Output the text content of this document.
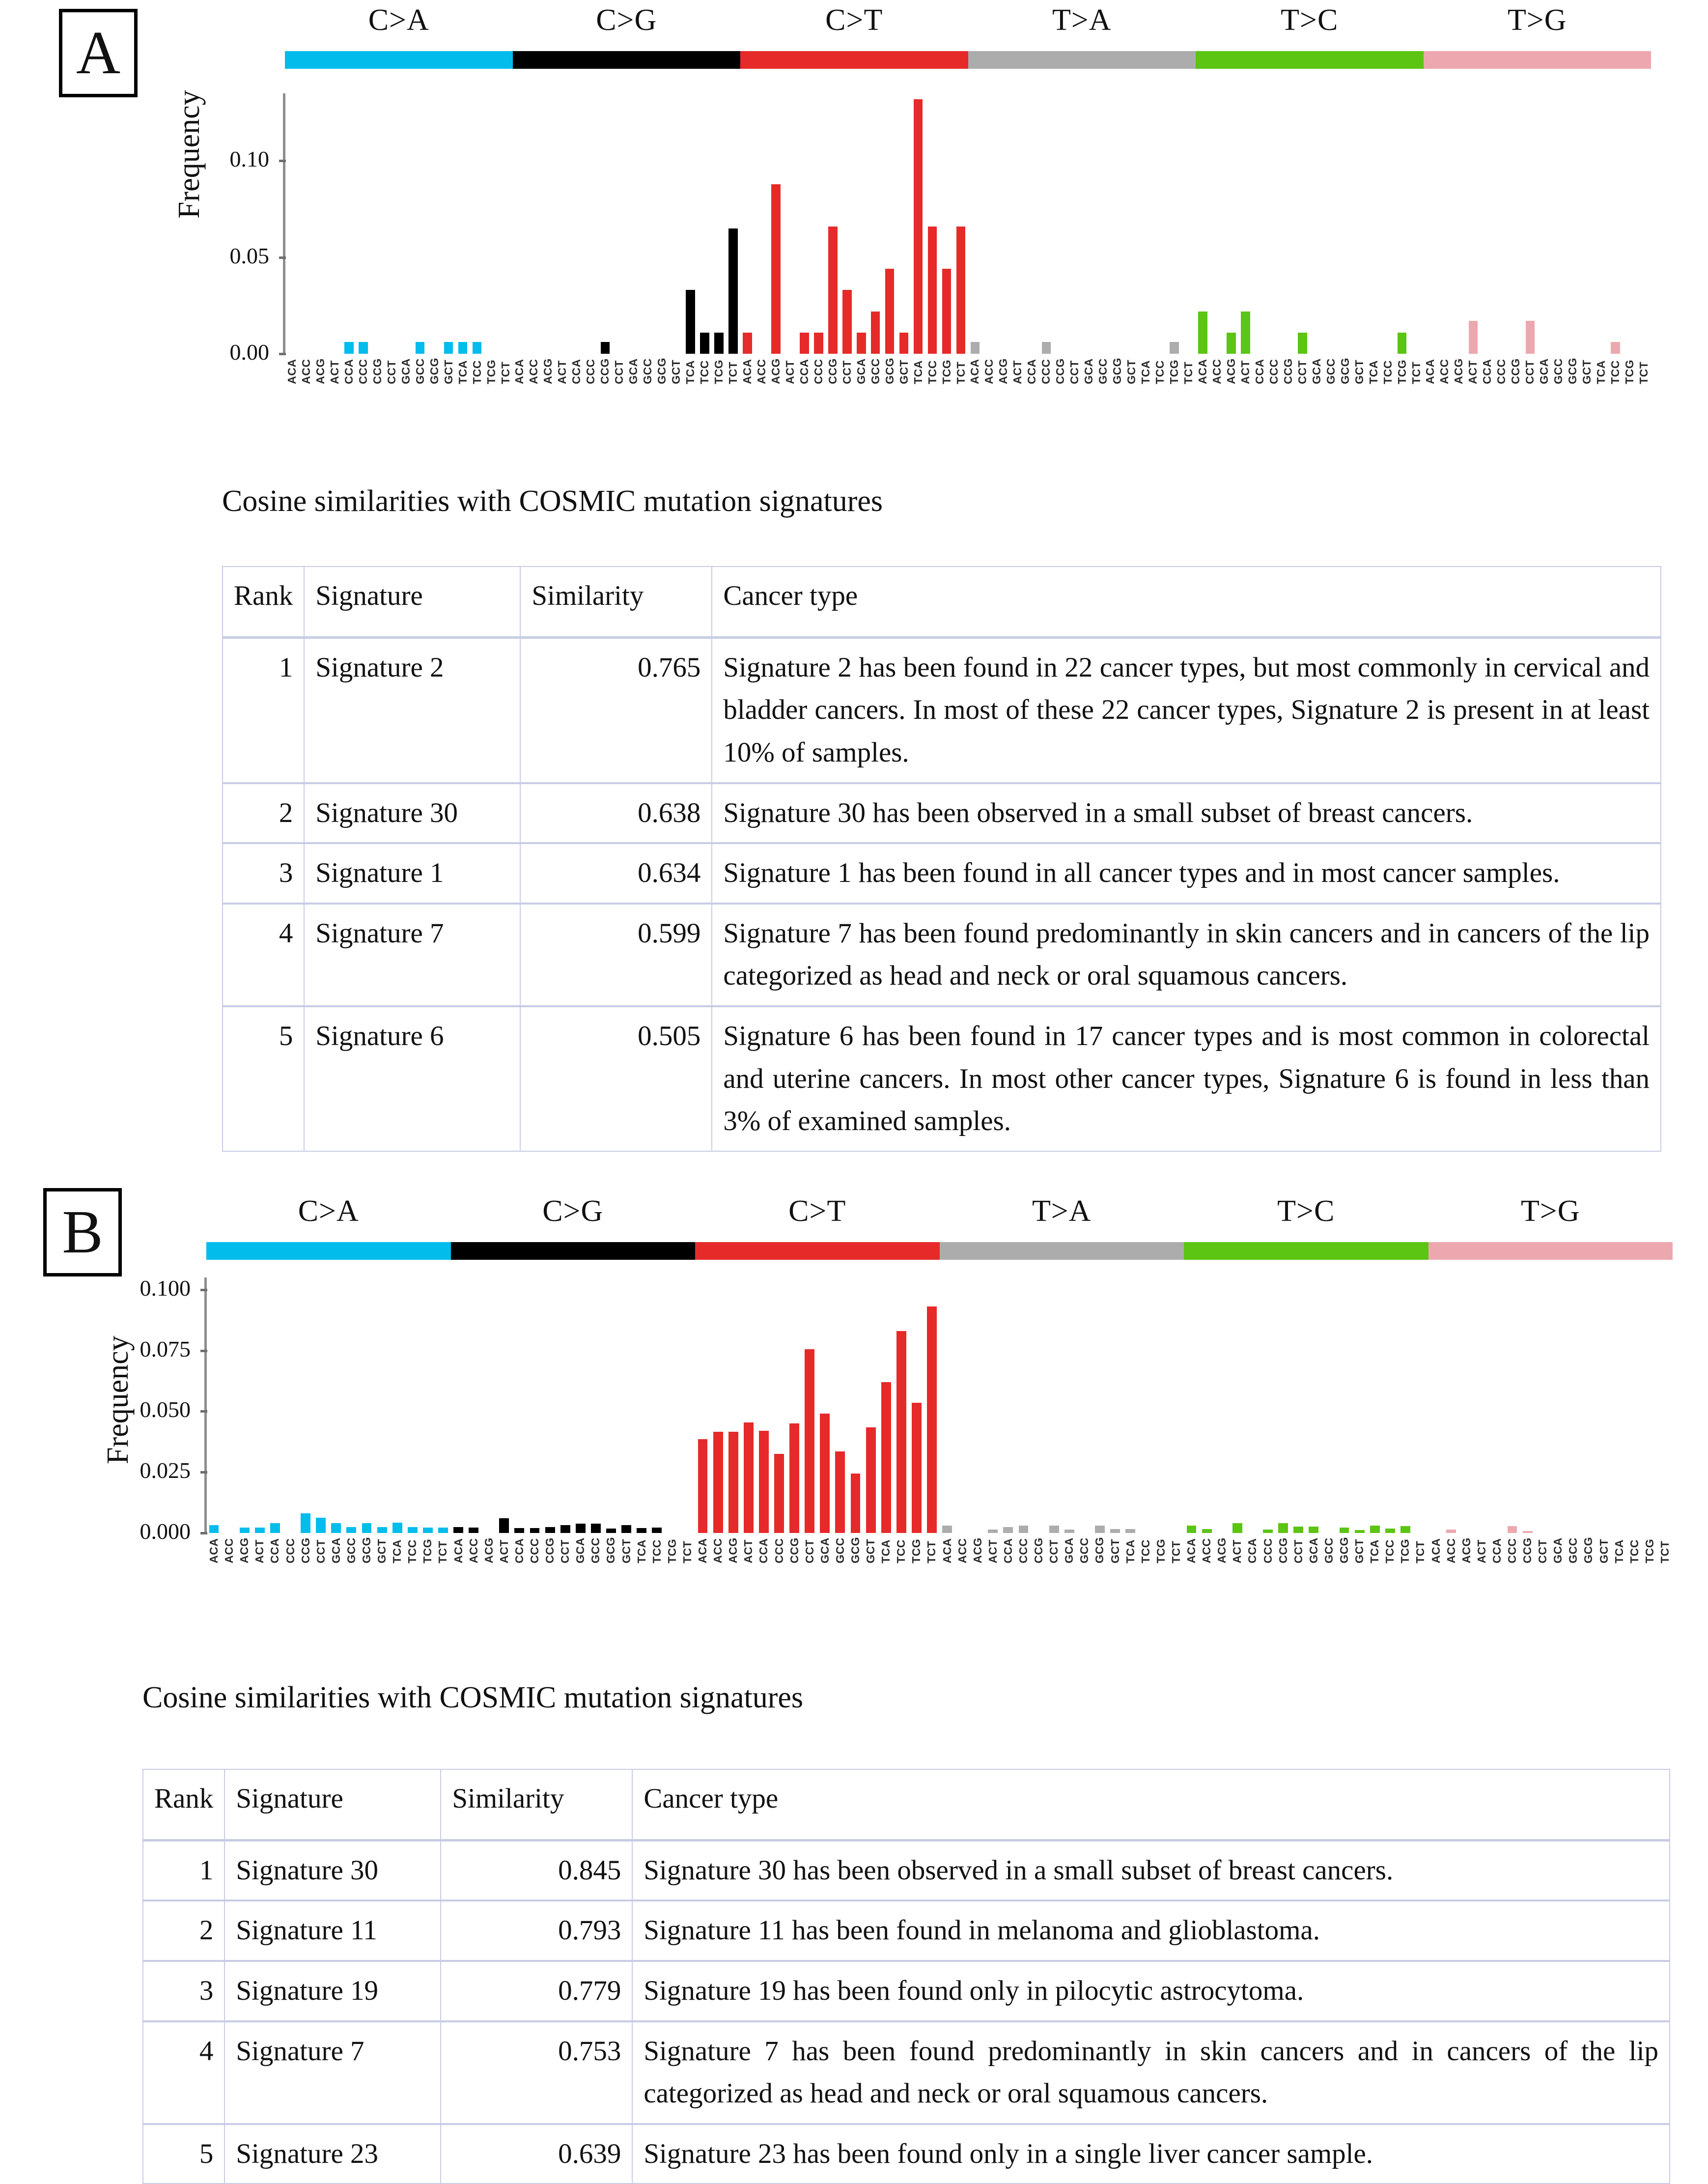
A	C>A	C>G	C>T	T>A	T>C	T>G
Frequency
0.00
0.05
0.10
ACA ACC ACG ACT CCA CCC CCG CCT GCA GCC GCG GCT TCA TCC TCG TCT ACA ACC ACG ACT CCA CCC CCG CCT GCA GCC GCG GCT TCA TCC TCG TCT ACA ACC ACG ACT CCA CCC CCG CCT GCA GCC GCG GCT TCA TCC TCG TCT ACA ACC ACG ACT CCA CCC CCG CCT GCA GCC GCG GCT TCA TCC TCG TCT ACA ACC ACG ACT CCA CCC CCG CCT GCA GCC GCG GCT TCA TCC TCG TCT ACA ACC ACG ACT CCA CCC CCG CCT GCA GCC GCG GCT TCA TCC TCG TCT
Cosine similarities with COSMIC mutation signatures
Rank	Signature	Similarity	Cancer type
1	Signature 2	0.765	Signature 2 has been found in 22 cancer types, but most commonly in cervical and bladder cancers. In most of these 22 cancer types, Signature 2 is present in at least 10% of samples.
2	Signature 30	0.638	Signature 30 has been observed in a small subset of breast cancers.
3	Signature 1	0.634	Signature 1 has been found in all cancer types and in most cancer samples.
4	Signature 7	0.599	Signature 7 has been found predominantly in skin cancers and in cancers of the lip categorized as head and neck or oral squamous cancers.
5	Signature 6	0.505	Signature 6 has been found in 17 cancer types and is most common in colorectal and uterine cancers. In most other cancer types, Signature 6 is found in less than 3% of examined samples.
B	C>A	C>G	C>T	T>A	T>C	T>G
Frequency
0.000
0.025
0.050
0.075
0.100
ACA ACC ACG ACT CCA CCC CCG CCT GCA GCC GCG GCT TCA TCC TCG TCT ACA ACC ACG ACT CCA CCC CCG CCT GCA GCC GCG GCT TCA TCC TCG TCT ACA ACC ACG ACT CCA CCC CCG CCT GCA GCC GCG GCT TCA TCC TCG TCT ACA ACC ACG ACT CCA CCC CCG CCT GCA GCC GCG GCT TCA TCC TCG TCT ACA ACC ACG ACT CCA CCC CCG CCT GCA GCC GCG GCT TCA TCC TCG TCT ACA ACC ACG ACT CCA CCC CCG CCT GCA GCC GCG GCT TCA TCC TCG TCT
Cosine similarities with COSMIC mutation signatures
Rank	Signature	Similarity	Cancer type
1	Signature 30	0.845	Signature 30 has been observed in a small subset of breast cancers.
2	Signature 11	0.793	Signature 11 has been found in melanoma and glioblastoma.
3	Signature 19	0.779	Signature 19 has been found only in pilocytic astrocytoma.
4	Signature 7	0.753	Signature 7 has been found predominantly in skin cancers and in cancers of the lip categorized as head and neck or oral squamous cancers.
5	Signature 23	0.639	Signature 23 has been found only in a single liver cancer sample.
